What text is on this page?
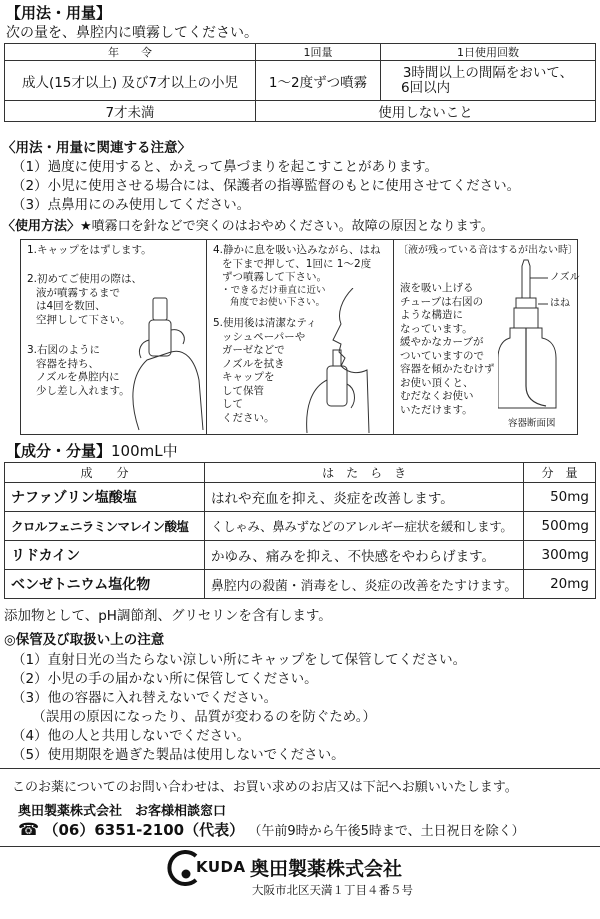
【用法・用量】
次の量を、鼻腔内に噴霧してください。
年　　令	1回量	1日使用回数
成人(15才以上) 及び7才以上の小児	1～2度ずつ噴霧	3時間以上の間隔をおいて、
6回以内

7才未満	使用しないこと	
〈用法・用量に関連する注意〉
（1）過度に使用すると、かえって鼻づまりを起こすことがあります。
（2）小児に使用させる場合には、保護者の指導監督のもとに使用させてください。
（3）点鼻用にのみ使用してください。
〈使用方法〉★噴霧口を針などで突くのはおやめください。故障の原因となります。
1.キャップをはずします。
2.初めてご使用の際は、
液が噴霧するまで
は4回を数回、
空押しして下さい。
3.右図のように
容器を持ち、
ノズルを鼻腔内に
少し差し入れます。
4.静かに息を吸い込みながら、はね
を下まで押して、1回に 1～2度
ずつ噴霧して下さい。
・できるだけ垂直に近い
角度でお使い下さい。
5.使用後は清潔なティ
ッシュペーパーや
ガーゼなどで
ノズルを拭き
キャップを
して保管
して
ください。
〔液が残っている音はするが出ない時〕
液を吸い上げる
チューブは右図の
ような構造に
なっています。
緩やかなカーブが
ついていますので
容器を傾かたむけず
お使い頂くと、
むだなくお使い
いただけます。
ノズル
はね
容器断面図
【成分・分量】100mL中
成　　分	は　た　ら　き	分　量
ナファゾリン塩酸塩	はれや充血を抑え、炎症を改善します。	50mg
クロルフェニラミンマレイン酸塩	くしゃみ、鼻みずなどのアレルギー症状を緩和します。	500mg
リドカイン	かゆみ、痛みを抑え、不快感をやわらげます。	300mg
ベンゼトニウム塩化物	鼻腔内の殺菌・消毒をし、炎症の改善をたすけます。	20mg
添加物として、pH調節剤、グリセリンを含有します。
◎保管及び取扱い上の注意
（1）直射日光の当たらない涼しい所にキャップをして保管してください。
（2）小児の手の届かない所に保管してください。
（3）他の容器に入れ替えないでください。
　　（誤用の原因になったり、品質が変わるのを防ぐため。）
（4）他の人と共用しないでください。
（5）使用期限を過ぎた製品は使用しないでください。
このお薬についてのお問い合わせは、お買い求めのお店又は下記へお願いいたします。
奥田製薬株式会社　お客様相談窓口
☎ （06）6351-2100（代表） （午前9時から午後5時まで、土日祝日を除く）
KUDA 奥田製薬株式会社
大阪市北区天満１丁目４番５号
